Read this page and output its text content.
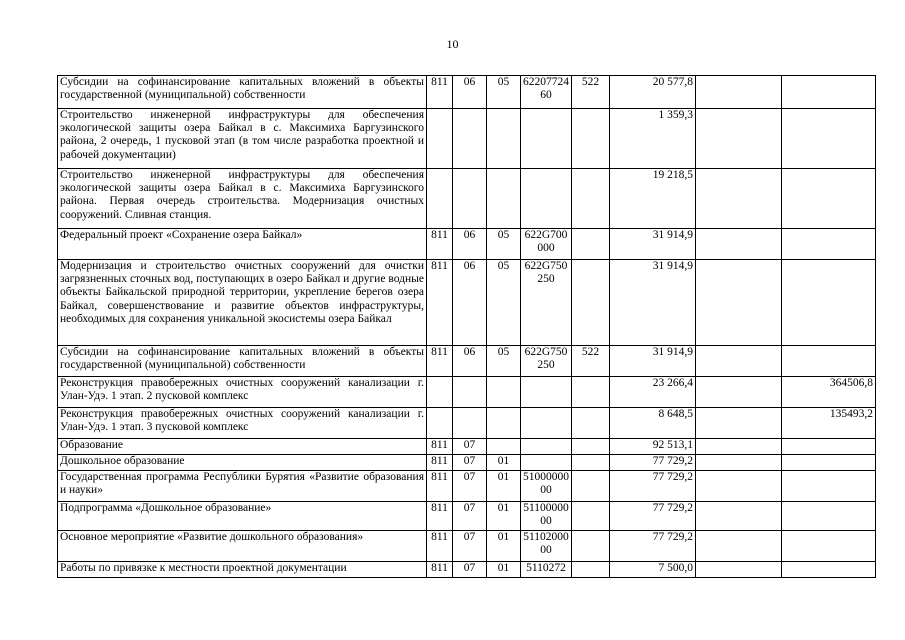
10
Субсидии на софинансирование капитальных вложений в объекты государственной (муниципальной) собственности	811	06	05	6220772460	522	20 577,8		
Строительство инженерной инфраструктуры для обеспечения экологической защиты озера Байкал в с. Максимиха Баргузинского района, 2 очередь, 1 пусковой этап (в том числе разработка проектной и рабочей документации)						1 359,3		
Строительство инженерной инфраструктуры для обеспечения экологической защиты озера Байкал в с. Максимиха Баргузинского района. Первая очередь строительства. Модернизация очистных сооружений. Сливная станция.						19 218,5		
Федеральный проект «Сохранение озера Байкал»	811	06	05	622G700000		31 914,9		
Модернизация и строительство очистных сооружений для очистки загрязненных сточных вод, поступающих в озеро Байкал и другие водные объекты Байкальской природной территории, укрепление берегов озера Байкал, совершенствование и развитие объектов инфраструктуры, необходимых для сохранения уникальной экосистемы озера Байкал	811	06	05	622G750250		31 914,9		
Субсидии на софинансирование капитальных вложений в объекты государственной (муниципальной) собственности	811	06	05	622G750250	522	31 914,9		
Реконструкция правобережных очистных сооружений канализации г. Улан-Удэ. 1 этап. 2 пусковой комплекс						23 266,4		364506,8
Реконструкция правобережных очистных сооружений канализации г. Улан-Удэ. 1 этап. 3 пусковой комплекс						8 648,5		135493,2
Образование	811	07				92 513,1		
Дошкольное образование	811	07	01			77 729,2		
Государственная программа Республики Бурятия «Развитие образования и науки»	811	07	01	5100000000		77 729,2		
Подпрограмма «Дошкольное образование»	811	07	01	5110000000		77 729,2		
Основное мероприятие «Развитие дошкольного образования»	811	07	01	5110200000		77 729,2		
Работы по привязке к местности проектной документации	811	07	01	5110272		7 500,0		
